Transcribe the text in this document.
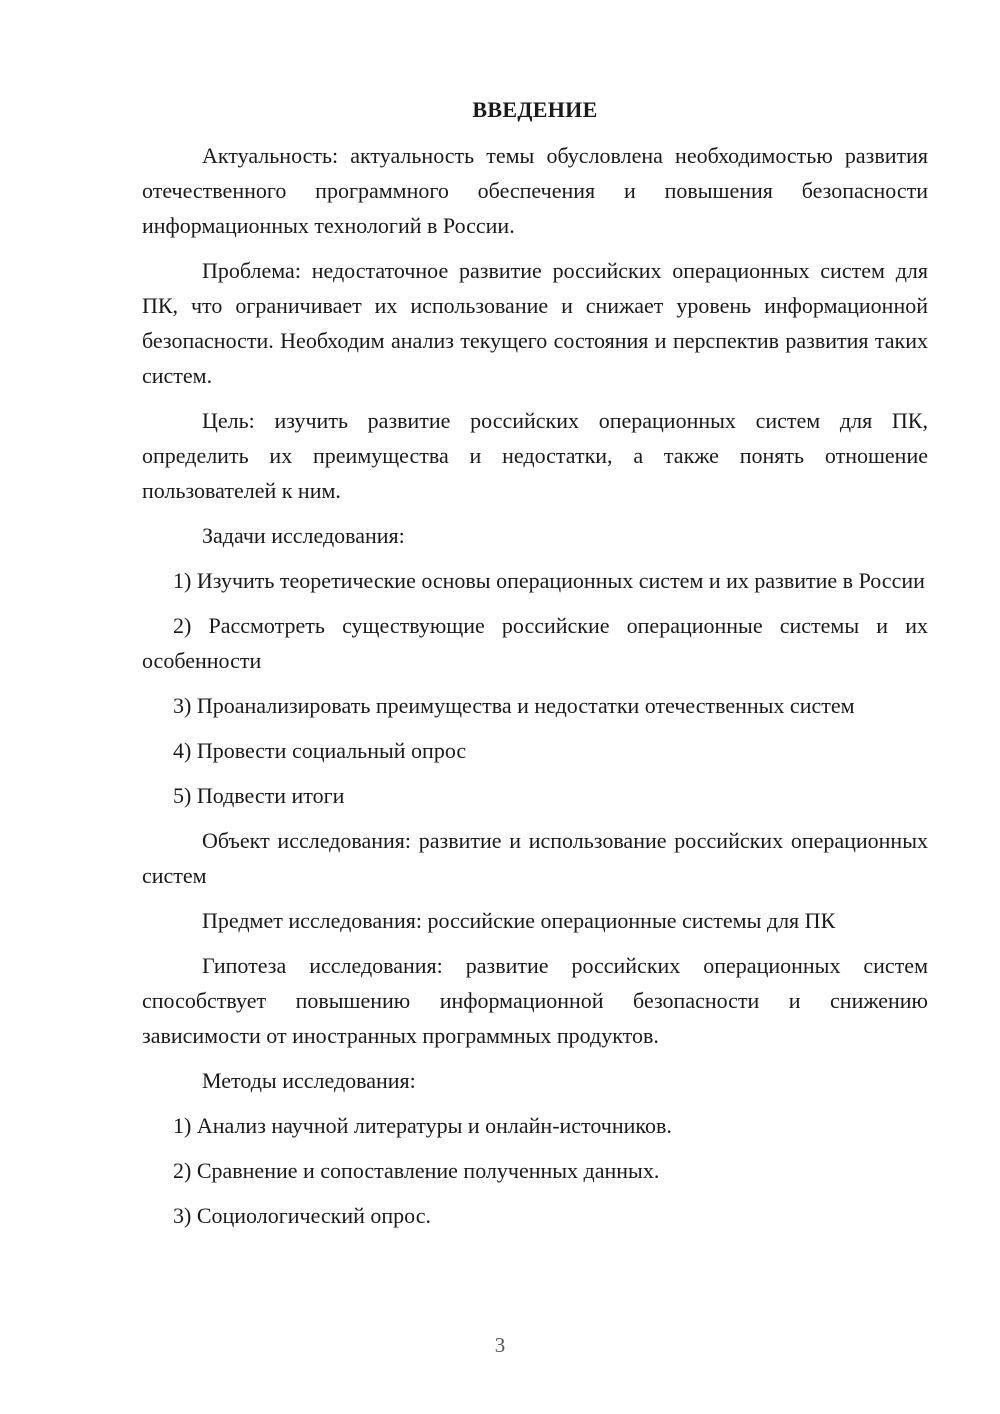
ВВЕДЕНИЕ

Актуальность: актуальность темы обусловлена необходимостью развития отечественного программного обеспечения и повышения безопасности информационных технологий в России.

Проблема: недостаточное развитие российских операционных систем для ПК, что ограничивает их использование и снижает уровень информационной безопасности. Необходим анализ текущего состояния и перспектив развития таких систем.

Цель: изучить развитие российских операционных систем для ПК, определить их преимущества и недостатки, а также понять отношение пользователей к ним.

Задачи исследования:

1) Изучить теоретические основы операционных систем и их развитие в России

2) Рассмотреть существующие российские операционные системы и их особенности

3) Проанализировать преимущества и недостатки отечественных систем

4) Провести социальный опрос

5) Подвести итоги

Объект исследования: развитие и использование российских операционных систем

Предмет исследования: российские операционные системы для ПК

Гипотеза исследования: развитие российских операционных систем способствует повышению информационной безопасности и снижению зависимости от иностранных программных продуктов.

Методы исследования:

1) Анализ научной литературы и онлайн-источников.

2) Сравнение и сопоставление полученных данных.

3) Социологический опрос.

3
